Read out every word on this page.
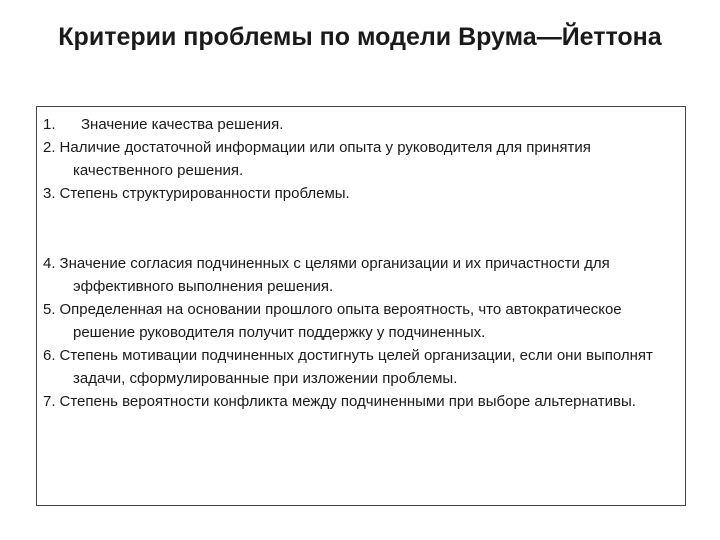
Критерии проблемы по модели Врума—Йеттона
1. Значение качества решения.
2. Наличие достаточной информации или опыта у руководителя для принятия качественного решения.
3. Степень структурированности проблемы.
4. Значение согласия подчиненных с целями организации и их причастности для эффективного выполнения решения.
5. Определенная на основании прошлого опыта вероятность, что автократическое решение руководителя получит поддержку у подчиненных.
6. Степень мотивации подчиненных достигнуть целей организации, если они выполнят задачи, сформулированные при изложении проблемы.
7. Степень вероятности конфликта между подчиненными при выборе альтернативы.
